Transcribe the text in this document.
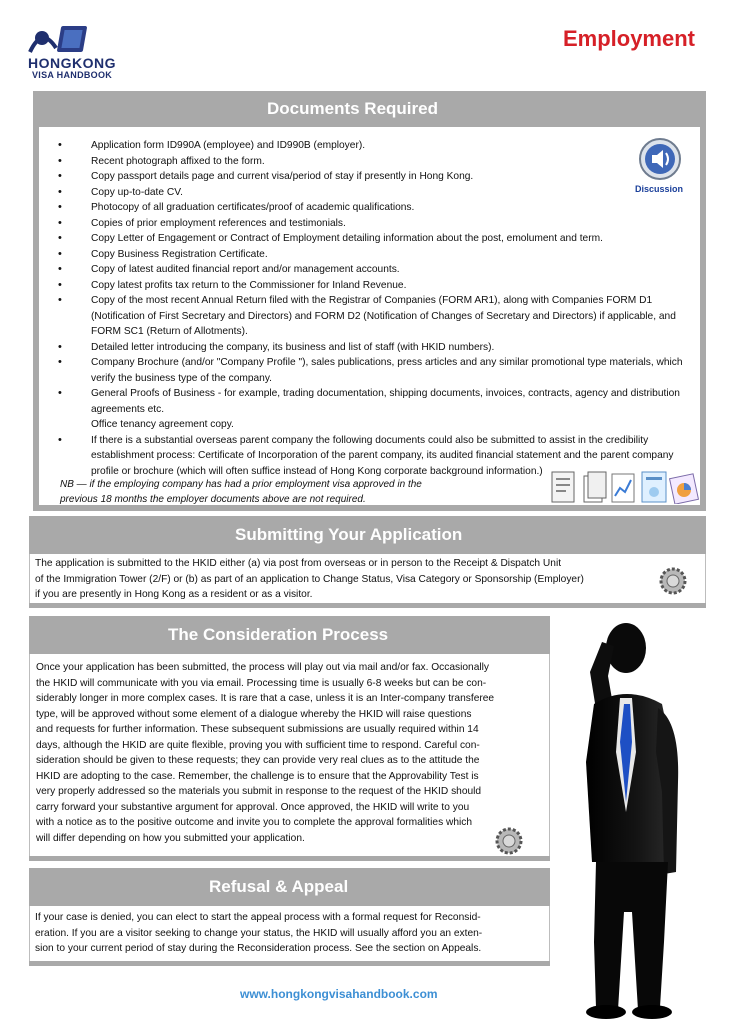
HONGKONG
VISA HANDBOOK
Employment
Documents Required
• Application form ID990A (employee) and ID990B (employer).
• Recent photograph affixed to the form.
• Copy passport details page and current visa/period of stay if presently in Hong Kong.
• Copy up-to-date CV.
• Photocopy of all graduation certificates/proof of academic qualifications.
• Copies of prior employment references and testimonials.
• Copy Letter of Engagement or Contract of Employment detailing information about the post, emolument and term.
• Copy Business Registration Certificate.
• Copy of latest audited financial report and/or management accounts.
• Copy latest profits tax return to the Commissioner for Inland Revenue.
• Copy of the most recent Annual Return filed with the Registrar of Companies (FORM AR1), along with Companies FORM D1 (Notification of First Secretary and Directors) and FORM D2 (Notification of Changes of Secretary and Directors) if applicable, and FORM SC1 (Return of Allotments).
• Detailed letter introducing the company, its business and list of staff (with HKID numbers).
• Company Brochure (and/or "Company Profile "), sales publications, press articles and any similar promotional type materials, which verify the business type of the company.
• General Proofs of Business - for example, trading documentation, shipping documents, invoices, contracts, agency and distribution agreements etc.
Office tenancy agreement copy.
• If there is a substantial overseas parent company the following documents could also be submitted to assist in the credibility establishment process: Certificate of Incorporation of the parent company, its audited financial statement and the parent company profile or brochure (which will often suffice instead of Hong Kong corporate background information.)
Discussion
NB — if the employing company has had a prior employment visa approved in the
previous 18 months the employer documents above are not required.
Submitting Your Application
The application is submitted to the HKID either (a) via post from overseas or in person to the Receipt & Dispatch Unit
of the Immigration Tower (2/F) or (b) as part of an application to Change Status, Visa Category or Sponsorship (Employer)
if you are presently in Hong Kong as a resident or as a visitor.
The Consideration Process
Once your application has been submitted, the process will play out via mail and/or fax. Occasionally
the HKID will communicate with you via email. Processing time is usually 6-8 weeks but can be con-
siderably longer in more complex cases. It is rare that a case, unless it is an Inter-company transferee
type, will be approved without some element of a dialogue whereby the HKID will raise questions
and requests for further information. These subsequent submissions are usually required within 14
days, although the HKID are quite flexible, proving you with sufficient time to respond. Careful con-
sideration should be given to these requests; they can provide very real clues as to the attitude the
HKID are adopting to the case. Remember, the challenge is to ensure that the Approvability Test is
very properly addressed so the materials you submit in response to the request of the HKID should
carry forward your substantive argument for approval. Once approved, the HKID will write to you
with a notice as to the positive outcome and invite you to complete the approval formalities which
will differ depending on how you submitted your application.
Refusal & Appeal
If your case is denied, you can elect to start the appeal process with a formal request for Reconsid-
eration. If you are a visitor seeking to change your status, the HKID will usually afford you an exten-
sion to your current period of stay during the Reconsideration process. See the section on Appeals.
www.hongkongvisahandbook.com
